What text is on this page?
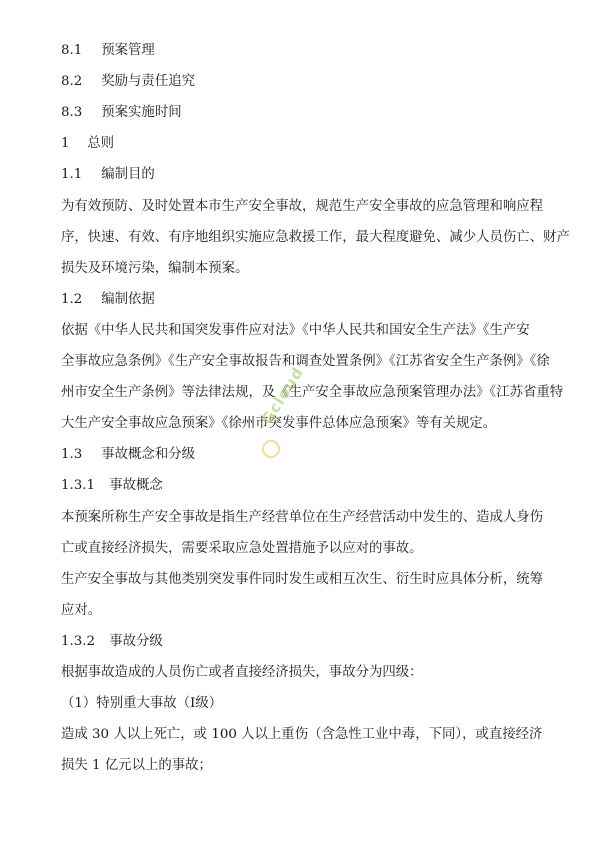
8.1 预案管理
8.2 奖励与责任追究
8.3 预案实施时间
1 总则
1.1 编制目的
为有效预防、及时处置本市生产安全事故，规范生产安全事故的应急管理和响应程
序，快速、有效、有序地组织实施应急救援工作，最大程度避免、减少人员伤亡、财产
损失及环境污染，编制本预案。
1.2 编制依据
依据《中华人民共和国突发事件应对法》《中华人民共和国安全生产法》《生产安
全事故应急条例》《生产安全事故报告和调查处置条例》《江苏省安全生产条例》《徐
州市安全生产条例》等法律法规，及《生产安全事故应急预案管理办法》《江苏省重特
大生产安全事故应急预案》《徐州市突发事件总体应急预案》等有关规定。
1.3 事故概念和分级
1.3.1 事故概念
本预案所称生产安全事故是指生产经营单位在生产经营活动中发生的、造成人身伤
亡或直接经济损失，需要采取应急处置措施予以应对的事故。
生产安全事故与其他类别突发事件同时发生或相互次生、衍生时应具体分析，统筹
应对。
1.3.2 事故分级
根据事故造成的人员伤亡或者直接经济损失，事故分为四级：
（1）特别重大事故（Ⅰ级）
造成 30 人以上死亡，或 100 人以上重伤（含急性工业中毒，下同），或直接经济
损失 1 亿元以上的事故；
Gcloud
